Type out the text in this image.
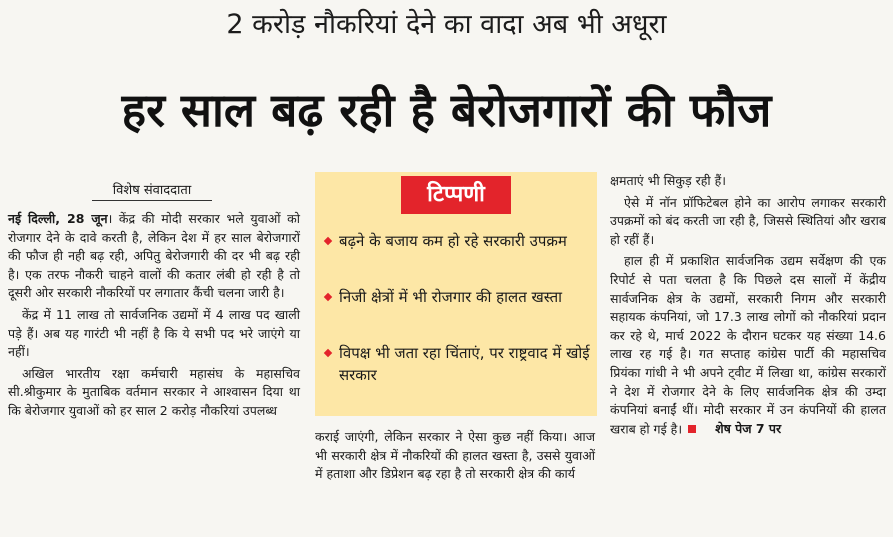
2 करोड़ नौकरियां देने का वादा अब भी अधूरा
हर साल बढ़ रही है बेरोजगारों की फौज
विशेष संवाददाता

नई दिल्ली, 28 जून। केंद्र की मोदी सरकार भले युवाओं को रोजगार देने के दावे करती है, लेकिन देश में हर साल बेरोजगारों की फौज ही नही बढ़ रही, अपितु बेरोजगारी की दर भी बढ़ रही है। एक तरफ नौकरी चाहने वालों की कतार लंबी हो रही है तो दूसरी ओर सरकारी नौकरियों पर लगातार कैंची चलना जारी है।

केंद्र में 11 लाख तो सार्वजनिक उद्यमों में 4 लाख पद खाली पड़े हैं। अब यह गारंटी भी नहीं है कि ये सभी पद भरे जाएंगे या नहीं।

अखिल भारतीय रक्षा कर्मचारी महासंघ के महासचिव सी.श्रीकुमार के मुताबिक वर्तमान सरकार ने आश्वासन दिया था कि बेरोजगार युवाओं को हर साल 2 करोड़ नौकरियां उपलब्ध

टिप्पणी
बढ़ने के बजाय कम हो रहे सरकारी उपक्रम
निजी क्षेत्रों में भी रोजगार की हालत खस्ता
विपक्ष भी जता रहा चिंताएं, पर राष्ट्रवाद में खोई सरकार

कराई जाएंगी, लेकिन सरकार ने ऐसा कुछ नहीं किया। आज भी सरकारी क्षेत्र में नौकरियों की हालत खस्ता है, उससे युवाओं में हताशा और डिप्रेशन बढ़ रहा है तो सरकारी क्षेत्र की कार्य

क्षमताएं भी सिकुड़ रही हैं।

ऐसे में नॉन प्रॉफिटेबल होने का आरोप लगाकर सरकारी उपक्रमों को बंद करती जा रही है, जिससे स्थितियां और खराब हो रहीं हैं।

हाल ही में प्रकाशित सार्वजनिक उद्यम सर्वेक्षण की एक रिपोर्ट से पता चलता है कि पिछले दस सालों में केंद्रीय सार्वजनिक क्षेत्र के उद्यमों, सरकारी निगम और सरकारी सहायक कंपनियां, जो 17.3 लाख लोगों को नौकरियां प्रदान कर रहे थे, मार्च 2022 के दौरान घटकर यह संख्या 14.6 लाख रह गई है। गत सप्ताह कांग्रेस पार्टी की महासचिव प्रियंका गांधी ने भी अपने ट्वीट में लिखा था, कांग्रेस सरकारों ने देश में रोजगार देने के लिए सार्वजनिक क्षेत्र की उम्दा कंपनियां बनाईं थीं। मोदी सरकार में उन कंपनियों की हालत खराब हो गई है।	शेष पेज 7 पर
